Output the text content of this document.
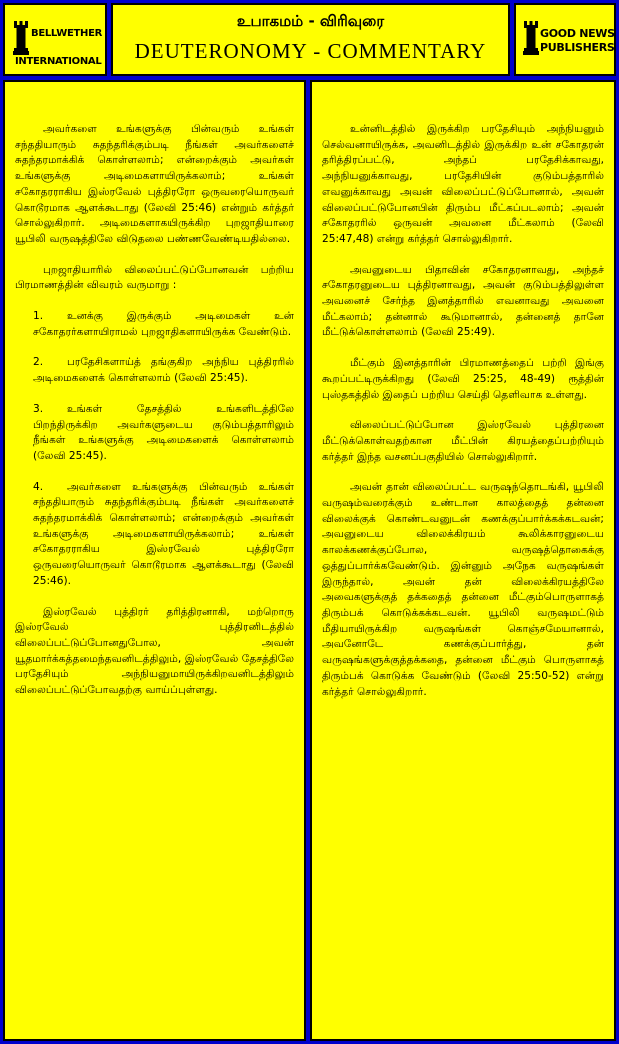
BELLWETHER
INTERNATIONAL
உபாகமம் - விரிவுரை
DEUTERONOMY - COMMENTARY
GOOD NEWS
PUBLISHERS

அவர்களை உங்களுக்கு பின்வரும் உங்கள் சந்ததியாரும் சுதந்தரிக்கும்படி நீங்கள் அவர்களைச் சுதந்தரமாக்கிக் கொள்ளலாம்; என்றைக்கும் அவர்கள் உங்களுக்கு அடிமைகளாயிருக்கலாம்; உங்கள் சகோதரராகிய இஸ்ரவேல் புத்திரரோ ஒருவரையொருவர் கொடூரமாக ஆளக்கூடாது (லேவி 25:46) என்றும் கர்த்தர் சொல்லுகிறார். அடிமைகளாகயிருக்கிற புறஜாதியாரை யூபிலி வருஷத்திலே விடுதலை பண்ணவேண்டியதில்லை.

புறஜாதியாரில் விலைப்பட்டுப்போனவன் பற்றிய பிரமாணத்தின் விவரம் வருமாறு :

1.	உனக்கு இருக்கும் அடிமைகள் உன் சகோதரர்களாயிராமல் புறஜாதிகளாயிருக்க வேண்டும்.
2.	பரதேசிகளாய்த் தங்குகிற அந்நிய புத்திரரில் அடிமைகளைக் கொள்ளலாம் (லேவி 25:45).
3.	உங்கள் தேசத்தில் உங்களிடத்திலே பிறந்திருக்கிற அவர்களுடைய குடும்பத்தாரிலும் நீங்கள் உங்களுக்கு அடிமைகளைக் கொள்ளலாம் (லேவி 25:45).
4.	அவர்களை உங்களுக்கு பின்வரும் உங்கள் சந்ததியாரும் சுதந்தரிக்கும்படி நீங்கள் அவர்களைச் சுதந்தரமாக்கிக் கொள்ளலாம்; என்றைக்கும் அவர்கள் உங்களுக்கு அடிமைகளாயிருக்கலாம்; உங்கள் சகோதரராகிய இஸ்ரவேல் புத்திரரோ ஒருவரையொருவர் கொடூரமாக ஆளக்கூடாது (லேவி 25:46).

இஸ்ரவேல் புத்திரர் தரித்திரனாகி, மற்றொரு இஸ்ரவேல் புத்திரனிடத்தில் விலைப்பட்டுப்போனதுபோல, அவன் யூதமார்க்கத்தமைந்தவனிடத்திலும், இஸ்ரவேல் தேசத்திலே பரதேசியும் அந்நியனுமாயிருக்கிறவனிடத்திலும் விலைப்பட்டுப்போவதற்கு வாய்ப்புள்ளது.

உன்னிடத்தில் இருக்கிற பரதேசியும் அந்நியனும் செல்வனாயிருக்க, அவனிடத்தில் இருக்கிற உன் சகோதரன் தரித்திரப்பட்டு, அந்தப் பரதேசிக்காவது, அந்நியனுக்காவது, பரதேசியின் குடும்பத்தாரில் எவனுக்காவது அவன் விலைப்பட்டுப்போனால், அவன் விலைப்பட்டுபோனபின் திரும்ப மீட்கப்படலாம்; அவன் சகோதரரில் ஒருவன் அவனை மீட்கலாம் (லேவி 25:47,48) என்று கர்த்தர் சொல்லுகிறார்.

அவனுடைய பிதாவின் சகோதரனாவது, அந்தச் சகோதரனுடைய புத்திரனாவது, அவன் குடும்பத்திலுள்ள அவனைச் சேர்ந்த இனத்தாரில் எவனாவது அவனை மீட்கலாம்; தன்னால் கூடுமானால், தன்னைத் தானே மீட்டுக்கொள்ளலாம் (லேவி 25:49).

மீட்கும் இனத்தாரின் பிரமாணத்தைப் பற்றி இங்கு கூறப்பட்டிருக்கிறது (லேவி 25:25, 48-49) ரூத்தின் புஸ்தகத்தில் இதைப் பற்றிய செய்தி தெளிவாக உள்ளது.

விலைப்பட்டுப்போன இஸ்ரவேல் புத்திரனை மீட்டுக்கொள்வதற்கான மீட்பின் கிரயத்தைப்பற்றியும் கர்த்தர் இந்த வசனப்பகுதியில் சொல்லுகிறார்.

அவன் தான் விலைப்பட்ட வருஷந்தொடங்கி, யூபிலி வருஷம்வரைக்கும் உண்டான காலத்தைத் தன்னை விலைக்குக் கொண்டவனுடன் கணக்குப்பார்க்கக்கடவன்; அவனுடைய விலைக்கிரயம் கூலிக்காரனுடைய காலக்கணக்குப்போல, வருஷத்தொகைக்கு ஒத்துப்பார்க்கவேண்டும். இன்னும் அநேக வருஷங்கள் இருந்தால், அவன் தன் விலைக்கிரயத்திலே அவைகளுக்குத் தக்கதைத் தன்னை மீட்கும்பொருளாகத் திரும்பக் கொடுக்கக்கடவன். யூபிலி வருஷமட்டும் மீதியாயிருக்கிற வருஷங்கள் கொஞ்சமேயானால், அவனோடே கணக்குப்பார்த்து, தன் வருஷங்களுக்குத்தக்கதை, தன்னை மீட்கும் பொருளாகத் திரும்பக் கொடுக்க வேண்டும் (லேவி 25:50-52) என்று கர்த்தர் சொல்லுகிறார்.
